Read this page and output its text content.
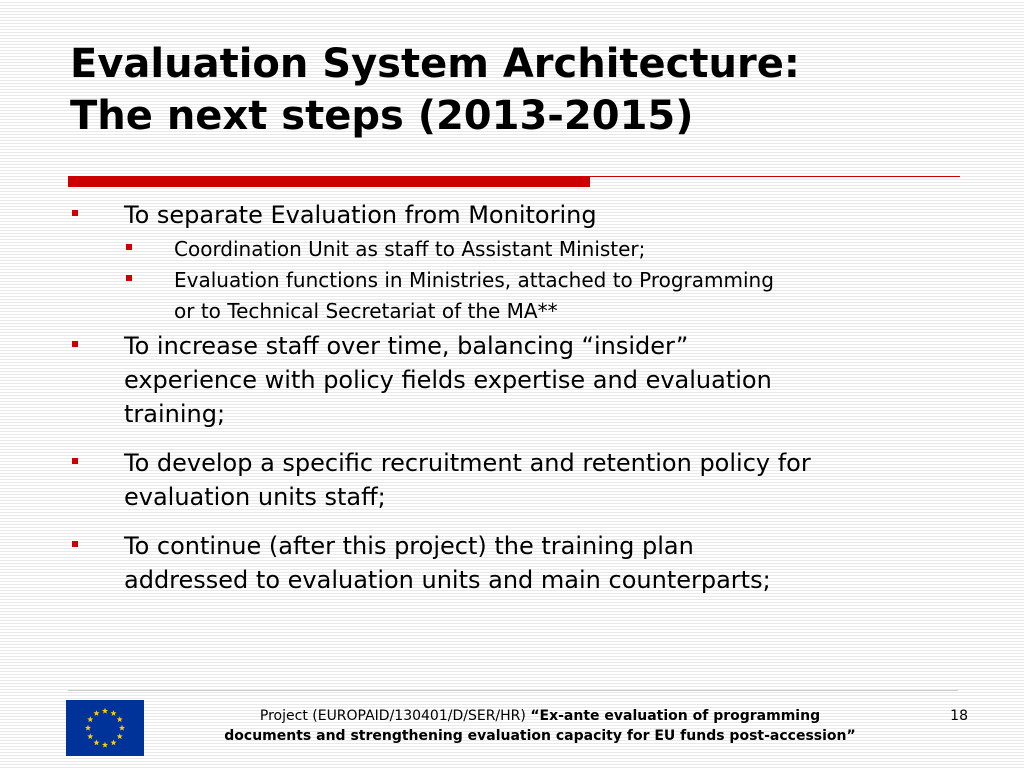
Evaluation System Architecture:
The next steps (2013-2015)
To separate Evaluation from Monitoring
Coordination Unit as staff to Assistant Minister;
Evaluation functions in Ministries, attached to Programming
or to Technical Secretariat of the MA**
To increase staff over time, balancing “insider”
experience with policy fields expertise and evaluation
training;
To develop a specific recruitment and retention policy for
evaluation units staff;
To continue (after this project) the training plan
addressed to evaluation units and main counterparts;
Project (EUROPAID/130401/D/SER/HR) “Ex-ante evaluation of programming
documents and strengthening evaluation capacity for EU funds post-accession”
18
